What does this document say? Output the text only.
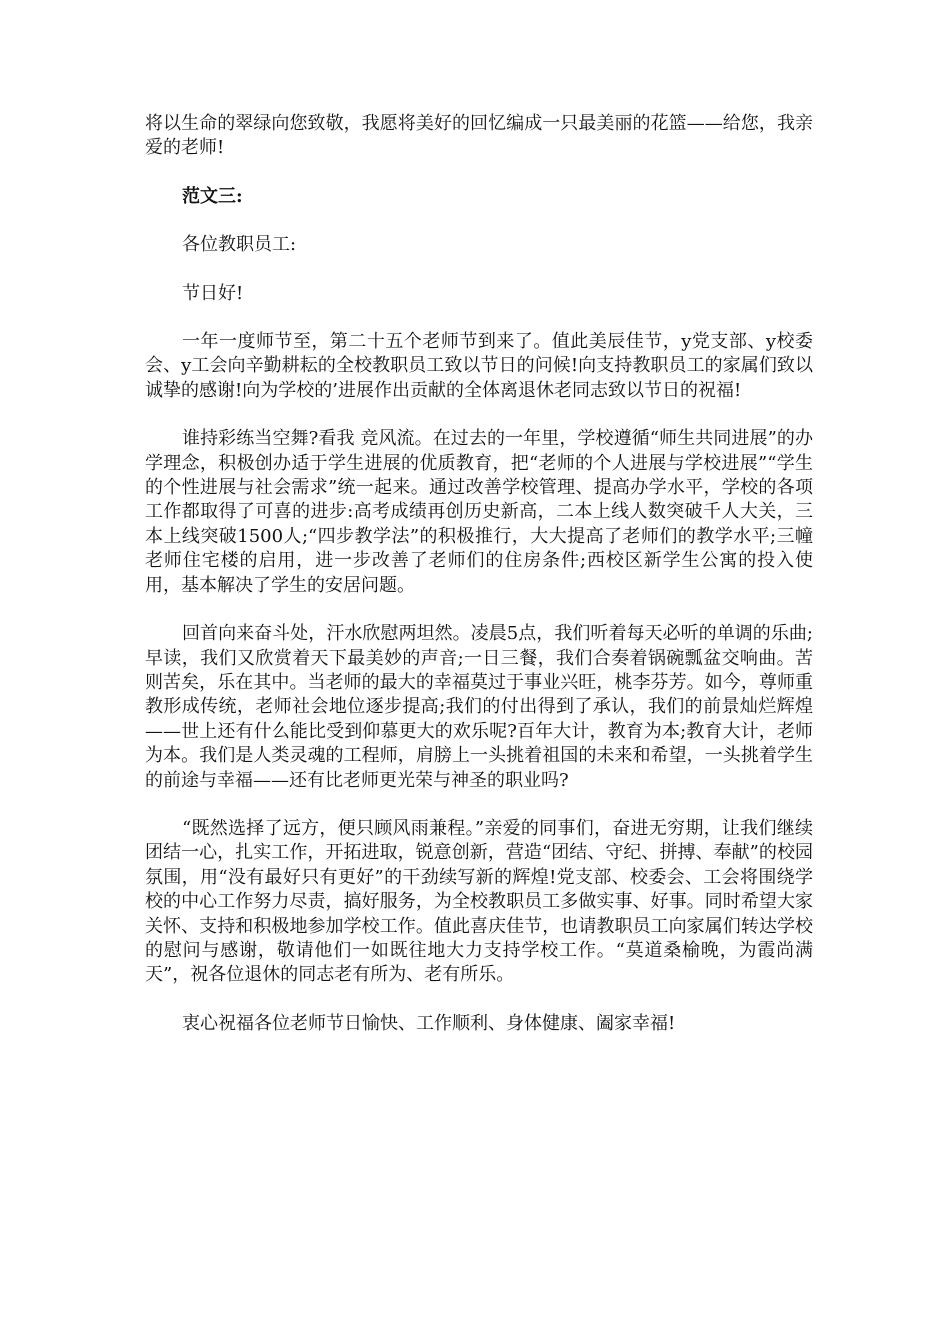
将以生命的翠绿向您致敬，我愿将美好的回忆编成一只最美丽的花篮——给您，我亲爱的老师!

范文三:

各位教职员工:

节日好!

一年一度师节至，第二十五个老师节到来了。值此美辰佳节，y党支部、y校委会、y工会向辛勤耕耘的全校教职员工致以节日的问候!向支持教职员工的家属们致以诚挚的感谢!向为学校的’进展作出贡献的全体离退休老同志致以节日的祝福!

谁持彩练当空舞?看我 竞风流。在过去的一年里，学校遵循“师生共同进展”的办学理念，积极创办适于学生进展的优质教育，把“老师的个人进展与学校进展”“学生的个性进展与社会需求”统一起来。通过改善学校管理、提高办学水平，学校的各项工作都取得了可喜的进步:高考成绩再创历史新高，二本上线人数突破千人大关，三本上线突破1500人;“四步教学法”的积极推行，大大提高了老师们的教学水平;三幢老师住宅楼的启用，进一步改善了老师们的住房条件;西校区新学生公寓的投入使用，基本解决了学生的安居问题。

回首向来奋斗处，汗水欣慰两坦然。凌晨5点，我们听着每天必听的单调的乐曲;早读，我们又欣赏着天下最美妙的声音;一日三餐，我们合奏着锅碗瓢盆交响曲。苦则苦矣，乐在其中。当老师的最大的幸福莫过于事业兴旺，桃李芬芳。如今，尊师重教形成传统，老师社会地位逐步提高;我们的付出得到了承认，我们的前景灿烂辉煌——世上还有什么能比受到仰慕更大的欢乐呢?百年大计，教育为本;教育大计，老师为本。我们是人类灵魂的工程师，肩膀上一头挑着祖国的未来和希望，一头挑着学生的前途与幸福——还有比老师更光荣与神圣的职业吗?

“既然选择了远方，便只顾风雨兼程。”亲爱的同事们，奋进无穷期，让我们继续团结一心，扎实工作，开拓进取，锐意创新，营造“团结、守纪、拼搏、奉献”的校园氛围，用“没有最好只有更好”的干劲续写新的辉煌!党支部、校委会、工会将围绕学校的中心工作努力尽责，搞好服务，为全校教职员工多做实事、好事。同时希望大家关怀、支持和积极地参加学校工作。值此喜庆佳节，也请教职员工向家属们转达学校的慰问与感谢，敬请他们一如既往地大力支持学校工作。“莫道桑榆晚，为霞尚满天”，祝各位退休的同志老有所为、老有所乐。

衷心祝福各位老师节日愉快、工作顺利、身体健康、阖家幸福!
